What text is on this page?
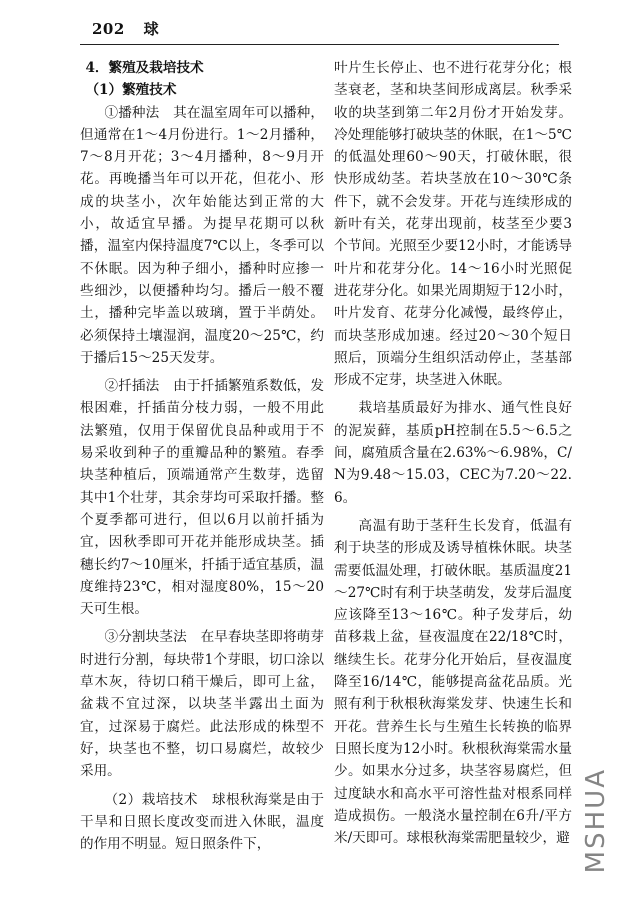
202 球

4．繁殖及栽培技术

（1）繁殖技术

①播种法　其在温室周年可以播种，但通常在1～4月份进行。1～2月播种，7～8月开花；3～4月播种，8～9月开花。再晚播当年可以开花，但花小、形成的块茎小，次年始能达到正常的大小，故适宜早播。为提早花期可以秋播，温室内保持温度7℃以上，冬季可以不休眠。因为种子细小，播种时应掺一些细沙，以便播种均匀。播后一般不覆土，播种完毕盖以玻璃，置于半荫处。必须保持土壤湿润，温度20～25℃，约于播后15～25天发芽。

②扦插法　由于扦插繁殖系数低，发根困难，扦插苗分枝力弱，一般不用此法繁殖，仅用于保留优良品种或用于不易采收到种子的重瓣品种的繁殖。春季块茎种植后，顶端通常产生数芽，选留其中1个壮芽，其余芽均可采取扦播。整个夏季都可进行，但以6月以前扦插为宜，因秋季即可开花并能形成块茎。插穗长约7～10厘米，扦插于适宜基质，温度维持23℃，相对湿度80%，15～20天可生根。

③分割块茎法　在早春块茎即将萌芽时进行分割，每块带1个芽眼，切口涂以草木灰，待切口稍干燥后，即可上盆，盆栽不宜过深，以块茎半露出土面为宜，过深易于腐烂。此法形成的株型不好，块茎也不整，切口易腐烂，故较少采用。

（2）栽培技术　球根秋海棠是由于干旱和日照长度改变而进入休眠，温度的作用不明显。短日照条件下，

叶片生长停止、也不进行花芽分化；根茎衰老，茎和块茎间形成离层。秋季采收的块茎到第二年2月份才开始发芽。冷处理能够打破块茎的休眠，在1～5℃的低温处理60～90天，打破休眠，很快形成幼茎。若块茎放在10～30℃条件下，就不会发芽。开花与连续形成的新叶有关，花芽出现前，枝茎至少要3个节间。光照至少要12小时，才能诱导叶片和花芽分化。14～16小时光照促进花芽分化。如果光周期短于12小时，叶片发育、花芽分化减慢，最终停止，而块茎形成加速。经过20～30个短日照后，顶端分生组织活动停止，茎基部形成不定芽，块茎进入休眠。

栽培基质最好为排水、通气性良好的泥炭藓，基质pH控制在5.5～6.5之间，腐殖质含量在2.63%～6.98%，C/N为9.48～15.03，CEC为7.20～22.6。

高温有助于茎秆生长发育，低温有利于块茎的形成及诱导植株休眠。块茎需要低温处理，打破休眠。基质温度21～27℃时有利于块茎萌发，发芽后温度应该降至13～16℃。种子发芽后，幼苗移栽上盆，昼夜温度在22/18℃时，继续生长。花芽分化开始后，昼夜温度降至16/14℃，能够提高盆花品质。光照有利于秋根秋海棠发芽、快速生长和开花。营养生长与生殖生长转换的临界日照长度为12小时。秋根秋海棠需水量少。如果水分过多，块茎容易腐烂，但过度缺水和高水平可溶性盐对根系同样造成损伤。一般浇水量控制在6升/平方米/天即可。球根秋海棠需肥量较少，避 MSHUA
